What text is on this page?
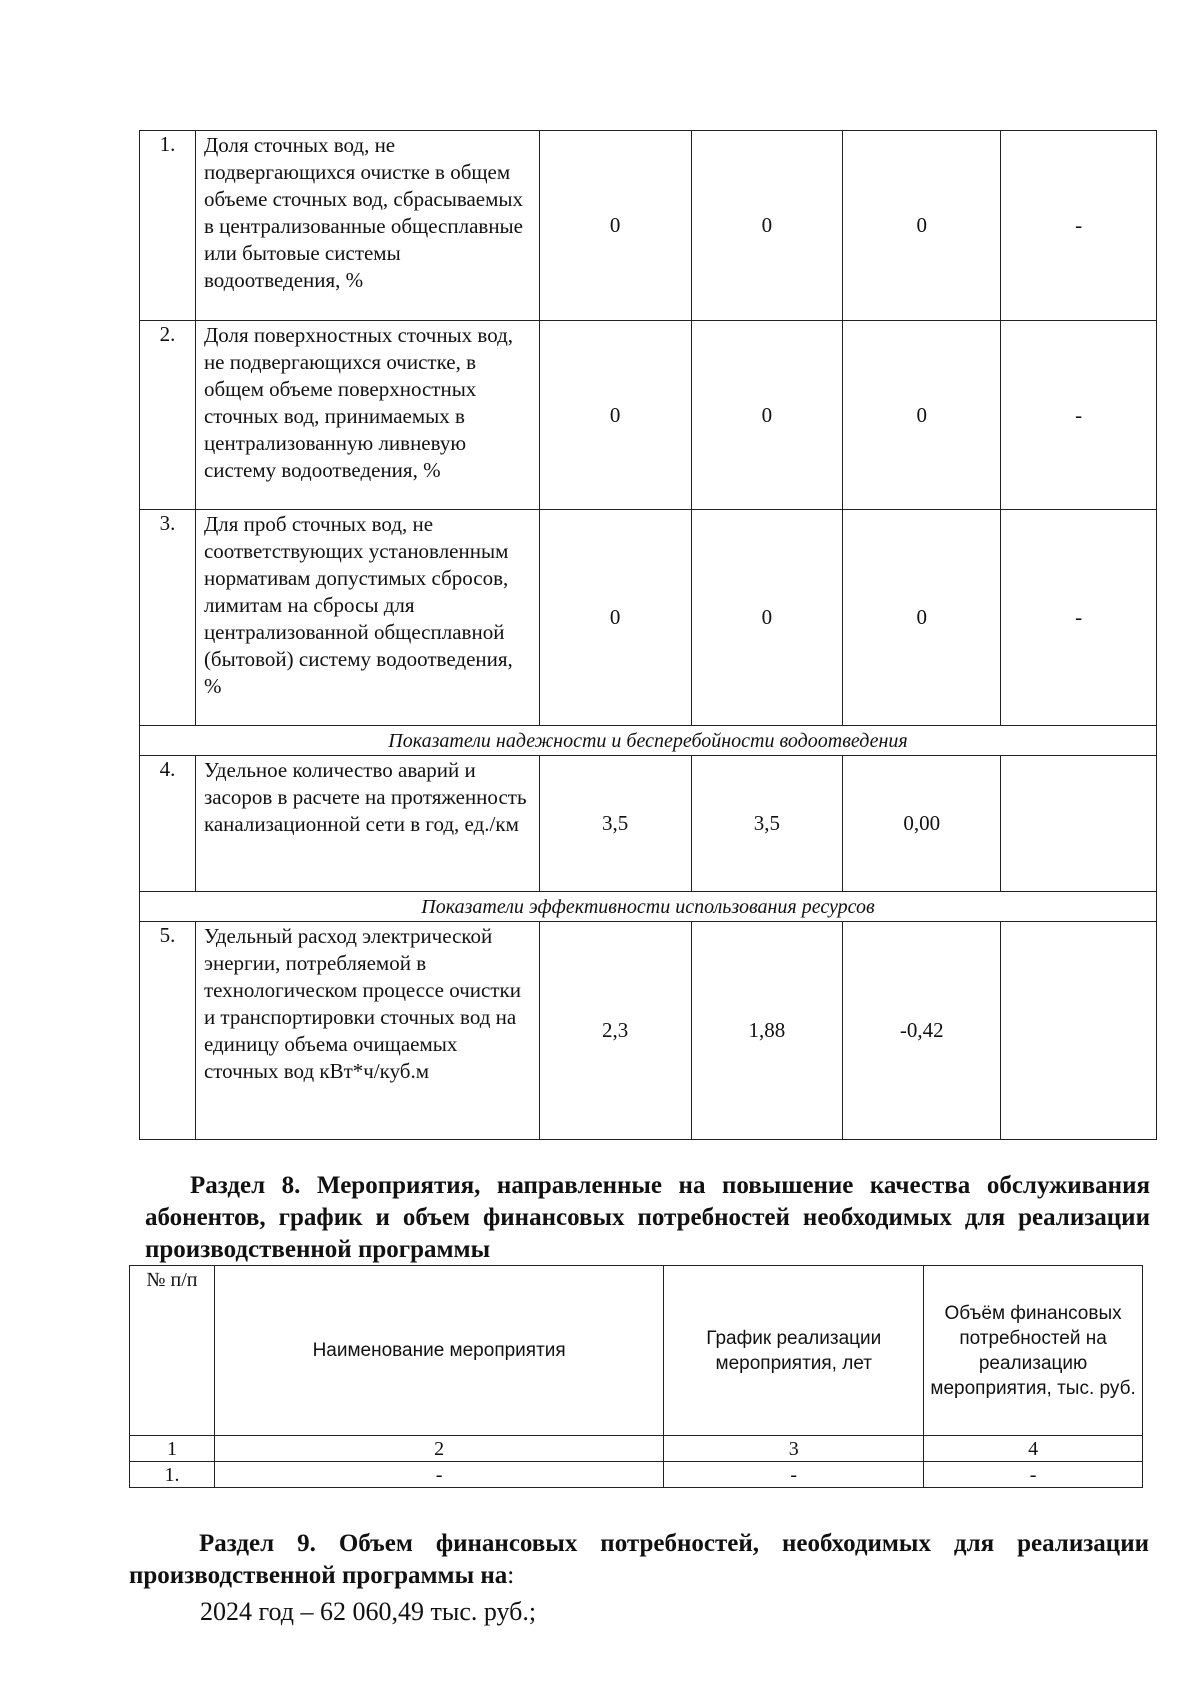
1.	Доля сточных вод, не подвергающихся очистке в общем объеме сточных вод, сбрасываемых в централизованные общесплавные или бытовые системы водоотведения, %	0	0	0	-
2.	Доля поверхностных сточных вод, не подвергающихся очистке, в общем объеме поверхностных сточных вод, принимаемых в централизованную ливневую систему водоотведения, %	0	0	0	-
3.	Для проб сточных вод, не соответствующих установленным нормативам допустимых сбросов, лимитам на сбросы для централизованной общесплавной (бытовой) систему водоотведения, %	0	0	0	-
Показатели надежности и бесперебойности водоотведения					
4.	Удельное количество аварий и засоров в расчете на протяженность канализационной сети в год, ед./км	3,5	3,5	0,00	
Показатели эффективности использования ресурсов					
5.	Удельный расход электрической энергии, потребляемой в технологическом процессе очистки и транспортировки сточных вод на единицу объема очищаемых сточных вод кВт*ч/куб.м	2,3	1,88	-0,42	
Раздел 8. Мероприятия, направленные на повышение качества обслуживания
абонентов, график и объем финансовых потребностей необходимых для реализации
производственной программы
№ п/п	Наименование мероприятия	График реализации мероприятия, лет	Объём финансовых потребностей на реализацию мероприятия, тыс. руб.
1	2	3	4
1.	-	-	-
Раздел 9. Объем финансовых потребностей, необходимых для реализации
производственной программы на:
2024 год – 62 060,49 тыс. руб.;
